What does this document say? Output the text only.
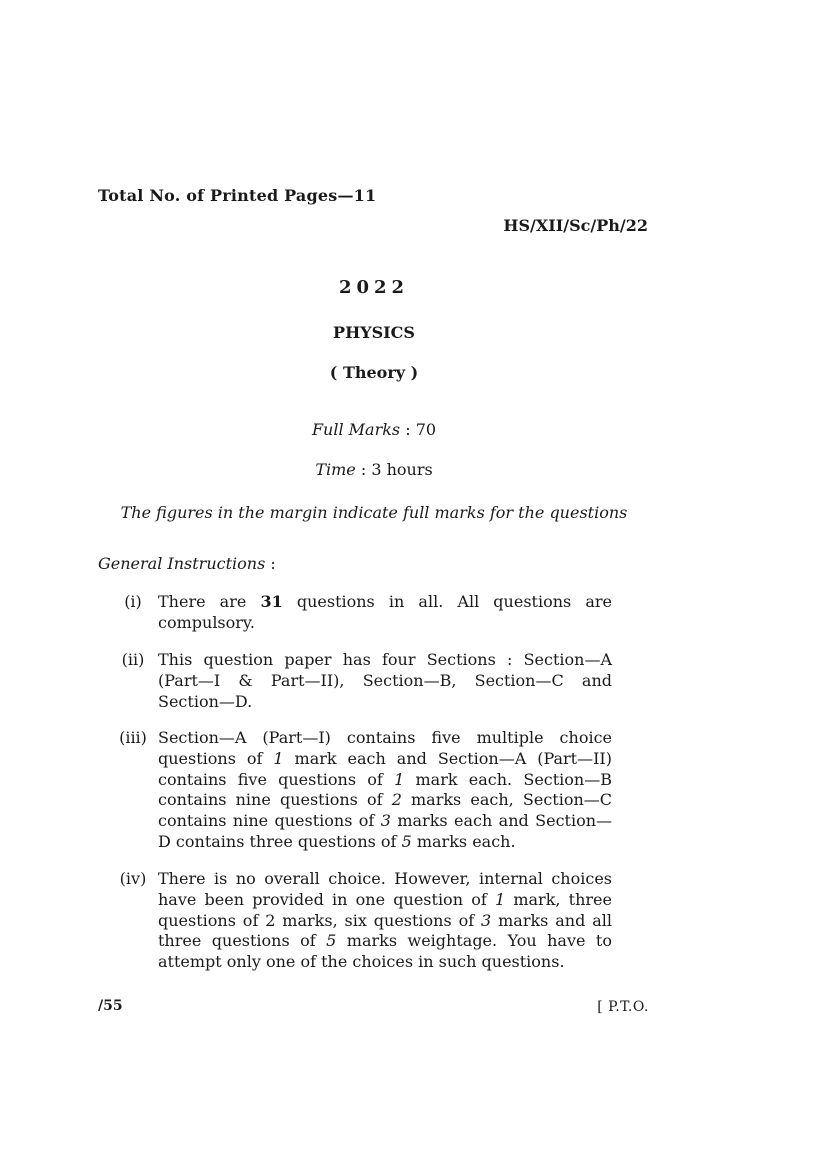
Total No. of Printed Pages—11
HS/XII/Sc/Ph/22
2022
PHYSICS
( Theory )
Full Marks : 70
Time : 3 hours
The figures in the margin indicate full marks for the questions
General Instructions :
(i)	There are 31 questions in all. All questions are compulsory.
(ii) This question paper has four Sections : Section—A (Part—I & Part—II), Section—B, Section—C and Section—D.
(iii) Section—A (Part—I) contains five multiple choice questions of 1 mark each and Section—A (Part—II) contains five questions of 1 mark each. Section—B contains nine questions of 2 marks each, Section—C contains nine questions of 3 marks each and Section—D contains three questions of 5 marks each.
(iv) There is no overall choice. However, internal choices have been provided in one question of 1 mark, three questions of 2 marks, six questions of 3 marks and all three questions of 5 marks weightage. You have to attempt only one of the choices in such questions.
/55	[ P.T.O.
